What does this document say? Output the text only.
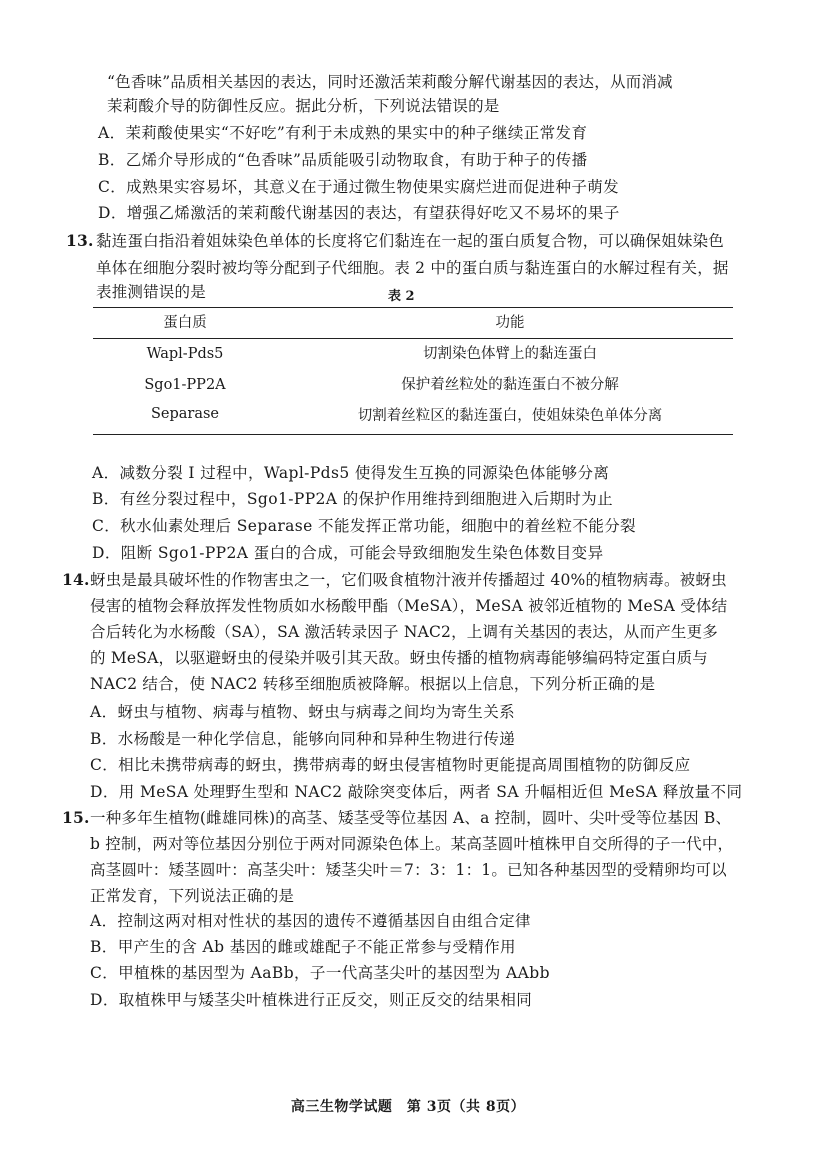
“色香味”品质相关基因的表达，同时还激活茉莉酸分解代谢基因的表达，从而消减
茉莉酸介导的防御性反应。据此分析，下列说法错误的是
A．茉莉酸使果实“不好吃”有利于未成熟的果实中的种子继续正常发育
B．乙烯介导形成的“色香味”品质能吸引动物取食，有助于种子的传播
C．成熟果实容易坏，其意义在于通过微生物使果实腐烂进而促进种子萌发
D．增强乙烯激活的茉莉酸代谢基因的表达，有望获得好吃又不易坏的果子
13. 黏连蛋白指沿着姐妹染色单体的长度将它们黏连在一起的蛋白质复合物，可以确保姐妹染色
单体在细胞分裂时被均等分配到子代细胞。表 2 中的蛋白质与黏连蛋白的水解过程有关，据
表推测错误的是	表 2
蛋白质	功能
Wapl-Pds5	切割染色体臂上的黏连蛋白
Sgo1-PP2A	保护着丝粒处的黏连蛋白不被分解
Separase	切割着丝粒区的黏连蛋白，使姐妹染色单体分离
A．减数分裂 I 过程中，Wapl-Pds5 使得发生互换的同源染色体能够分离
B．有丝分裂过程中，Sgo1-PP2A 的保护作用维持到细胞进入后期时为止
C．秋水仙素处理后 Separase 不能发挥正常功能，细胞中的着丝粒不能分裂
D．阻断 Sgo1-PP2A 蛋白的合成，可能会导致细胞发生染色体数目变异
14. 蚜虫是最具破坏性的作物害虫之一，它们吸食植物汁液并传播超过 40%的植物病毒。被蚜虫
侵害的植物会释放挥发性物质如水杨酸甲酯（MeSA），MeSA 被邻近植物的 MeSA 受体结
合后转化为水杨酸（SA），SA 激活转录因子 NAC2，上调有关基因的表达，从而产生更多
的 MeSA，以驱避蚜虫的侵染并吸引其天敌。蚜虫传播的植物病毒能够编码特定蛋白质与
NAC2 结合，使 NAC2 转移至细胞质被降解。根据以上信息，下列分析正确的是
A．蚜虫与植物、病毒与植物、蚜虫与病毒之间均为寄生关系
B．水杨酸是一种化学信息，能够向同种和异种生物进行传递
C．相比未携带病毒的蚜虫，携带病毒的蚜虫侵害植物时更能提高周围植物的防御反应
D．用 MeSA 处理野生型和 NAC2 敲除突变体后，两者 SA 升幅相近但 MeSA 释放量不同
15. 一种多年生植物(雌雄同株)的高茎、矮茎受等位基因 A、a 控制，圆叶、尖叶受等位基因 B、
b 控制，两对等位基因分别位于两对同源染色体上。某高茎圆叶植株甲自交所得的子一代中，
高茎圆叶：矮茎圆叶：高茎尖叶：矮茎尖叶＝7：3：1：1。已知各种基因型的受精卵均可以
正常发育，下列说法正确的是
A．控制这两对相对性状的基因的遗传不遵循基因自由组合定律
B．甲产生的含 Ab 基因的雌或雄配子不能正常参与受精作用
C．甲植株的基因型为 AaBb，子一代高茎尖叶的基因型为 AAbb
D．取植株甲与矮茎尖叶植株进行正反交，则正反交的结果相同
高三生物学试题　第 3页（共 8页）
